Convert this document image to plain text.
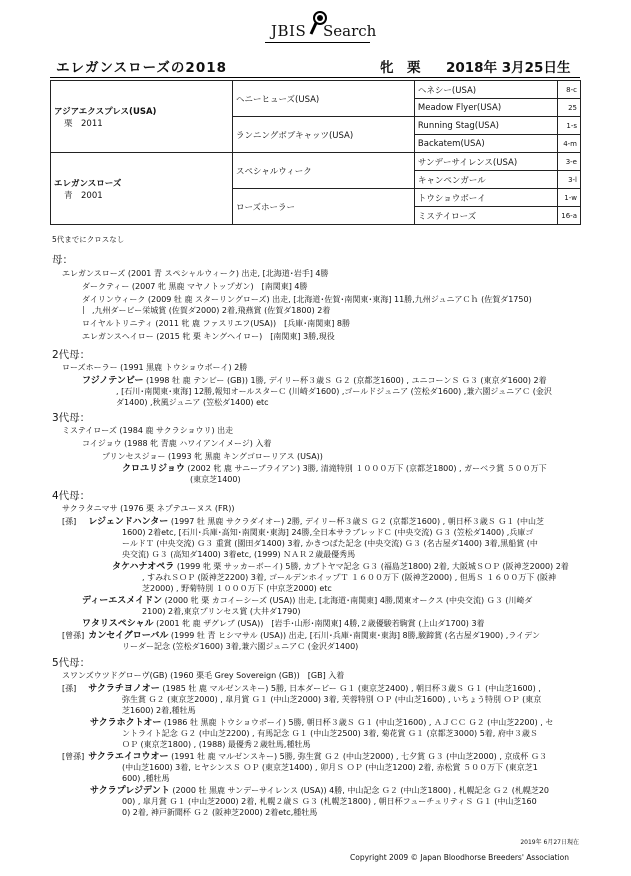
JBIS Search
エレガンスローズの2018	牝　栗 2018年 3月25日生
アジアエクスプレス(USA)
栗　2011	ヘニーヒューズ(USA)	ヘネシー(USA)	8-c
		Meadow Flyer(USA)	25
	ランニングボブキャッツ(USA)	Running Stag(USA)	1-s
		Backatem(USA)	4-m
エレガンスローズ
青　2001	スペシャルウィーク	サンデーサイレンス(USA)	3-e
		キャンペンガール	3-l
	ローズホーラー	トウショウボーイ	1-w
		ミステイローズ	16-a
5代までにクロスなし
母：
エレガンスローズ (2001 青 スペシャルウィーク) 出走, [北海道･岩手] 4勝
ダークティー (2007 牝 黒鹿 マヤノトップガン)　[南関東] 4勝
ダイリンウィーク (2009 牡 鹿 スターリングローズ) 出走, [北海道･佐賀･南関東･東海] 11勝,九州ジュニアＣｈ (佐賀ダ1750)
| ,九州ダービー栄城賞 (佐賀ダ2000) 2着,飛燕賞 (佐賀ダ1800) 2着
ロイヤルトリニティ (2011 牝 鹿 ファスリエフ(USA))　[兵庫･南関東] 8勝
エレガンスヘイロー (2015 牝 栗 キングヘイロー)　[南関東] 3勝,現役
2代母：
ローズホーラー (1991 黒鹿 トウショウボーイ) 2勝
フジノテンビー (1998 牡 鹿 テンビー (GB)) 1勝, デイリー杯３歳Ｓ Ｇ２ (京都芝1600) , ユニコーンＳ Ｇ３ (東京ダ1600) 2着
, [石川･南関東･東海] 12勝,報知オールスターＣ (川崎ダ1600) ,ゴールドジュニア (笠松ダ1600) ,兼六園ジュニアＣ (金沢
ダ1400) ,秋風ジュニア (笠松ダ1400) etc
3代母：
ミステイローズ (1984 鹿 サクラショウリ) 出走
コイジョウ (1988 牝 青鹿 ハワイアンイメージ) 入着
プリンセスジョー (1993 牝 黒鹿 キングゴローリアス (USA))
クロユリジョウ (2002 牝 鹿 サニーブライアン) 3勝, 清滝特別 １０００万下 (京都芝1800) , ガーベラ賞 ５００万下
(東京芝1400)
4代母：
サクラタニマサ (1976 栗 ネプテユーヌス (FR))
[孫] レジェンドハンター (1997 牡 黒鹿 サクラダイオー) 2勝, デイリー杯３歳Ｓ Ｇ２ (京都芝1600) , 朝日杯３歳Ｓ Ｇ１ (中山芝
1600) 2着etc, [石川･兵庫･高知･南関東･東海] 24勝,全日本サラブレッドＣ (中央交流) Ｇ３ (笠松ダ1400) ,兵庫ゴ
ールドＴ (中央交流) Ｇ３ 重賞 (園田ダ1400) 3着, かきつばた記念 (中央交流) Ｇ３ (名古屋ダ1400) 3着,黒船賞 (中
央交流) Ｇ３ (高知ダ1400) 3着etc, (1999) ＮＡＲ２歳最優秀馬
タケハナオペラ (1999 牝 栗 サッカーボーイ) 5勝, カブトヤマ記念 Ｇ３ (福島芝1800) 2着, 大阪城ＳＯＰ (阪神芝2000) 2着
, すみれＳＯＰ (阪神芝2200) 3着, ゴールデンホイップＴ １６００万下 (阪神芝2000) , 但馬Ｓ １６００万下 (阪神
芝2000) , 野菊特別 １０００万下 (中京芝2000) etc
ディーエスメイドン (2000 牝 栗 カコイーシーズ (USA)) 出走, [北海道･南関東] 4勝,関東オークス (中央交流) Ｇ３ (川崎ダ
2100) 2着,東京プリンセス賞 (大井ダ1790)
ワタリスペシャル (2001 牝 鹿 ザグレブ (USA))　[岩手･山形･南関東] 4勝,２歳優駿若駒賞 (上山ダ1700) 3着
[曾孫] カンセイグローバル (1999 牡 青 ヒシマサル (USA)) 出走, [石川･兵庫･南関東･東海] 8勝,駿蹄賞 (名古屋ダ1900) ,ライデン
リーダー記念 (笠松ダ1600) 3着,兼六園ジュニアＣ (金沢ダ1400)
5代母：
スワンズウツドグローヴ(GB) (1960 栗毛 Grey Sovereign (GB))　[GB] 入着
[孫] サクラチヨノオー (1985 牡 鹿 マルゼンスキー) 5勝, 日本ダービー Ｇ１ (東京芝2400) , 朝日杯３歳Ｓ Ｇ１ (中山芝1600) ,
弥生賞 Ｇ２ (東京芝2000) , 皐月賞 Ｇ１ (中山芝2000) 3着, 芙蓉特別 ＯＰ (中山芝1600) , いちょう特別 ＯＰ (東京
芝1600) 2着,種牡馬
サクラホクトオー (1986 牡 黒鹿 トウショウボーイ) 5勝, 朝日杯３歳Ｓ Ｇ１ (中山芝1600) , ＡＪＣＣ Ｇ２ (中山芝2200) , セ
ントライト記念 Ｇ２ (中山芝2200) , 有馬記念 Ｇ１ (中山芝2500) 3着, 菊花賞 Ｇ１ (京都芝3000) 5着, 府中３歳Ｓ
ＯＰ (東京芝1800) , (1988) 最優秀２歳牡馬,種牡馬
[曾孫] サクラエイコウオー (1991 牡 鹿 マルゼンスキー) 5勝, 弥生賞 Ｇ２ (中山芝2000) , 七夕賞 Ｇ３ (中山芝2000) , 京成杯 Ｇ３
(中山芝1600) 3着, ヒヤシンスＳ ＯＰ (東京芝1400) , 卯月Ｓ ＯＰ (中山芝1200) 2着, 赤松賞 ５００万下 (東京芝1
600) ,種牡馬
サクラプレジデント (2000 牡 黒鹿 サンデーサイレンス (USA)) 4勝, 中山記念 Ｇ２ (中山芝1800) , 札幌記念 Ｇ２ (札幌芝20
00) , 皐月賞 Ｇ１ (中山芝2000) 2着, 札幌２歳Ｓ Ｇ３ (札幌芝1800) , 朝日杯フューチュリティＳ Ｇ１ (中山芝160
0) 2着, 神戸新聞杯 Ｇ２ (阪神芝2000) 2着etc,種牡馬
2019年 6月27日現在
Copyright 2009 © Japan Bloodhorse Breeders' Association
